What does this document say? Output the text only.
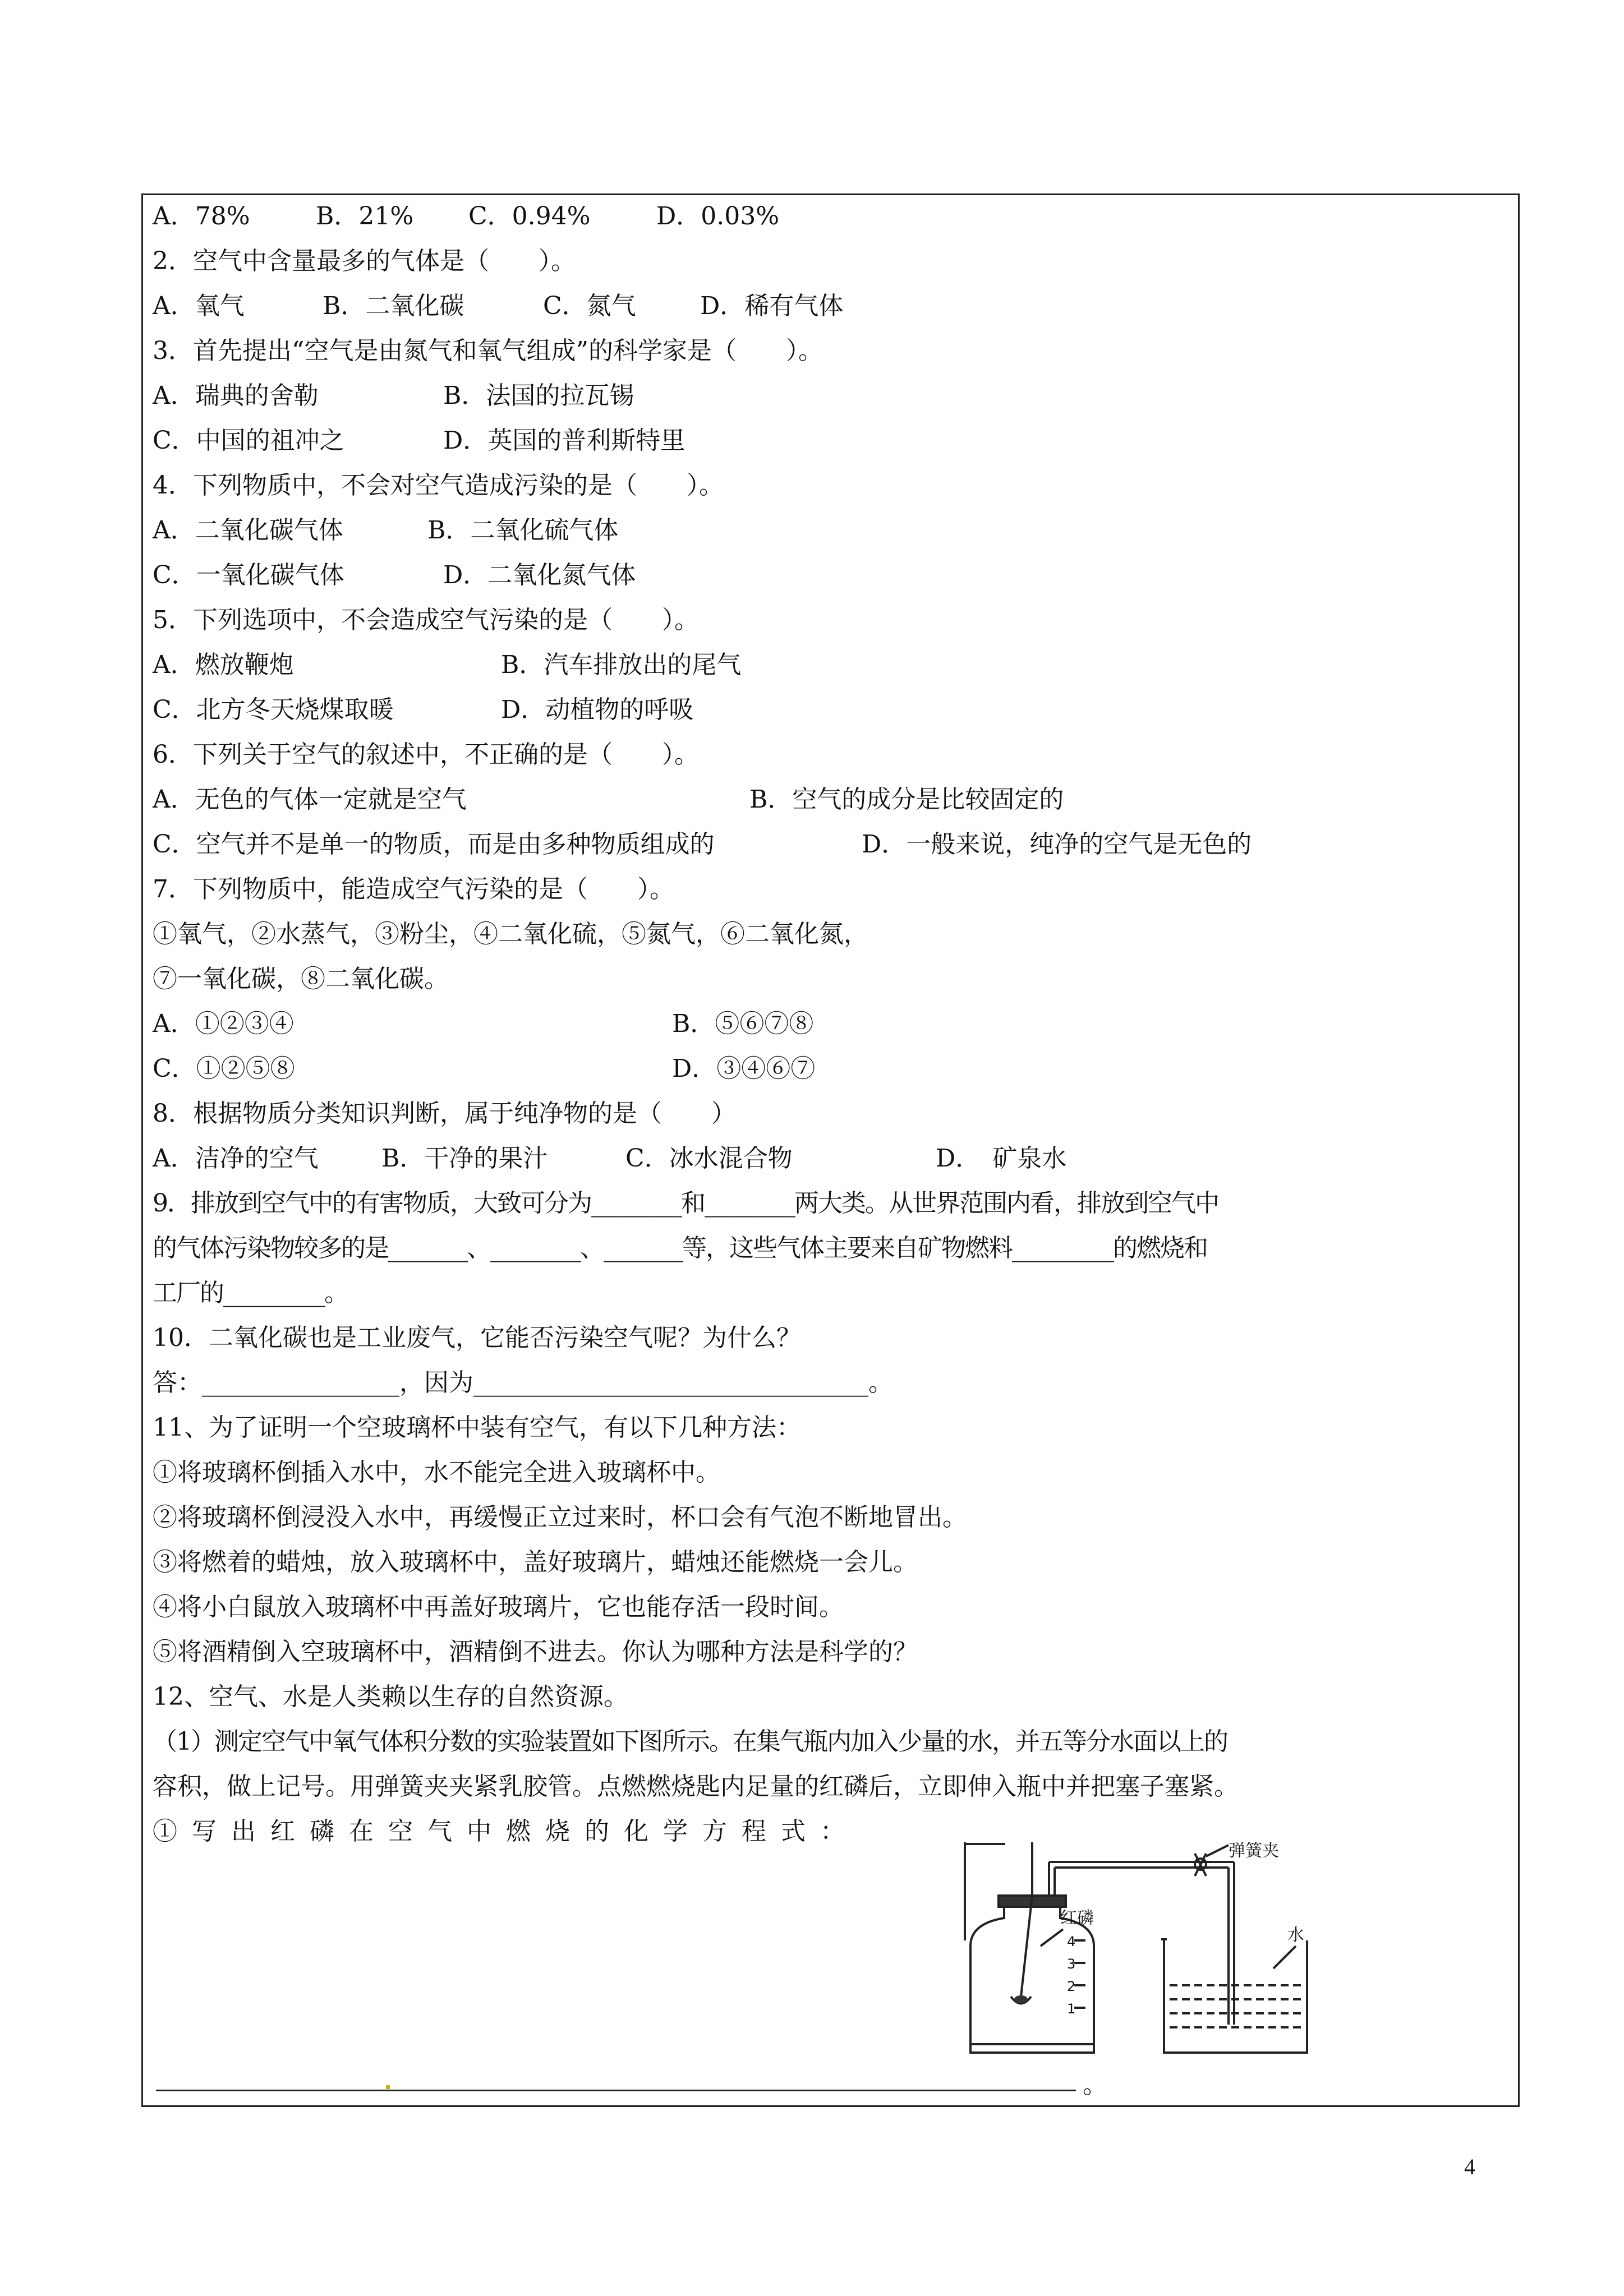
A．78%	B．21% C．0.94%	D．0.03%
2．空气中含量最多的气体是（　　）。
A．氧气	B．二氧化碳	C．氮气	D．稀有气体
3．首先提出“空气是由氮气和氧气组成”的科学家是（　　）。
A．瑞典的舍勒	B．法国的拉瓦锡
C．中国的祖冲之	D．英国的普利斯特里
4．下列物质中，不会对空气造成污染的是（　　）。
A．二氧化碳气体	B．二氧化硫气体
C．一氧化碳气体	D．二氧化氮气体
5．下列选项中，不会造成空气污染的是（　　）。
A．燃放鞭炮	B．汽车排放出的尾气
C．北方冬天烧煤取暖	D．动植物的呼吸
6．下列关于空气的叙述中，不正确的是（　　）。
A．无色的气体一定就是空气	B．空气的成分是比较固定的
C．空气并不是单一的物质，而是由多种物质组成的	D．一般来说，纯净的空气是无色的
7．下列物质中，能造成空气污染的是（　　）。
①氧气，②水蒸气，③粉尘，④二氧化硫，⑤氮气，⑥二氧化氮，
⑦一氧化碳，⑧二氧化碳。
A．①②③④	B．⑤⑥⑦⑧
C．①②⑤⑧	D．③④⑥⑦
8．根据物质分类知识判断，属于纯净物的是（　　）
A．洁净的空气	B．干净的果汁	C．冰水混合物	D．　矿泉水
9．排放到空气中的有害物质，大致可分为________和________两大类。从世界范围内看，排放到空气中
的气体污染物较多的是_______、________、_______等，这些气体主要来自矿物燃料_________的燃烧和
工厂的_________。
10．二氧化碳也是工业废气，它能否污染空气呢？为什么？
答：________________，因为________________________________。
11、为了证明一个空玻璃杯中装有空气，有以下几种方法：
①将玻璃杯倒插入水中，水不能完全进入玻璃杯中。
②将玻璃杯倒浸没入水中，再缓慢正立过来时，杯口会有气泡不断地冒出。
③将燃着的蜡烛，放入玻璃杯中，盖好玻璃片，蜡烛还能燃烧一会儿。
④将小白鼠放入玻璃杯中再盖好玻璃片，它也能存活一段时间。
⑤将酒精倒入空玻璃杯中，酒精倒不进去。你认为哪种方法是科学的？
12、空气、水是人类赖以生存的自然资源。
（1）测定空气中氧气体积分数的实验装置如下图所示。在集气瓶内加入少量的水，并五等分水面以上的
容积，做上记号。用弹簧夹夹紧乳胶管。点燃燃烧匙内足量的红磷后，立即伸入瓶中并把塞子塞紧。
①写出红磷在空气中燃烧的化学方程式：
。
弹簧夹
红磷
水
4
3
2
1
4
